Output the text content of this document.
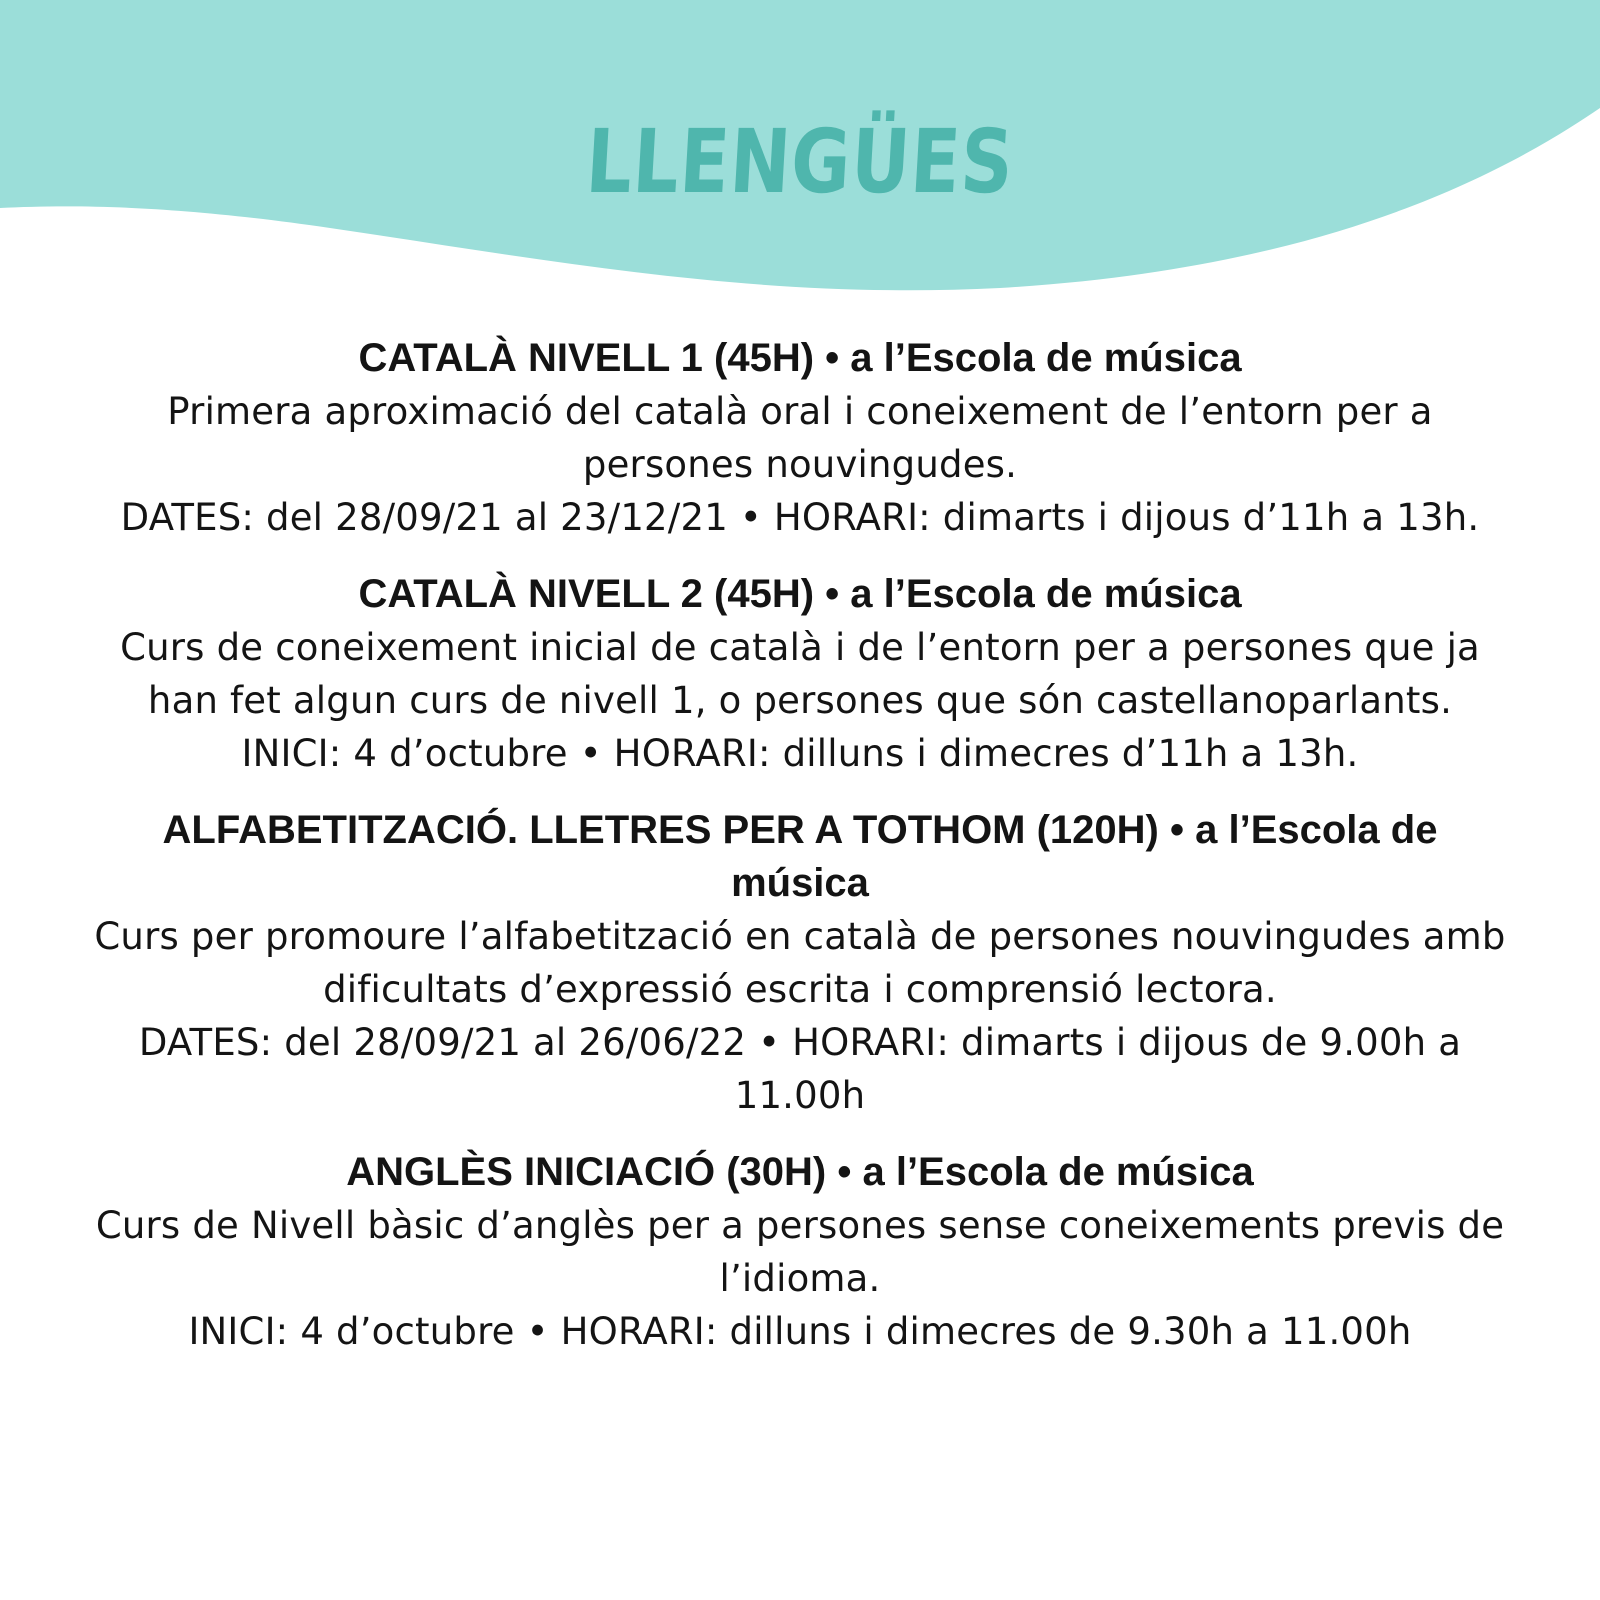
LLENGÜES

CATALÀ NIVELL 1 (45H) • a l’Escola de música

Primera aproximació del català oral i coneixement de l’entorn per a persones nouvingudes.

DATES: del 28/09/21 al 23/12/21 • HORARI: dimarts i dijous d’11h a 13h.

CATALÀ NIVELL 2 (45H) • a l’Escola de música

Curs de coneixement inicial de català i de l’entorn per a persones que ja han fet algun curs de nivell 1, o persones que són castellanoparlants.

INICI: 4 d’octubre • HORARI: dilluns i dimecres d’11h a 13h.

ALFABETITZACIÓ. LLETRES PER A TOTHOM (120H) • a l’Escola de música

Curs per promoure l’alfabetització en català de persones nouvingudes amb dificultats d’expressió escrita i comprensió lectora.

DATES: del 28/09/21 al 26/06/22 • HORARI: dimarts i dijous de 9.00h a 11.00h

ANGLÈS INICIACIÓ (30H) • a l’Escola de música

Curs de Nivell bàsic d’anglès per a persones sense coneixements previs de l’idioma.

INICI: 4 d’octubre • HORARI: dilluns i dimecres de 9.30h a 11.00h
